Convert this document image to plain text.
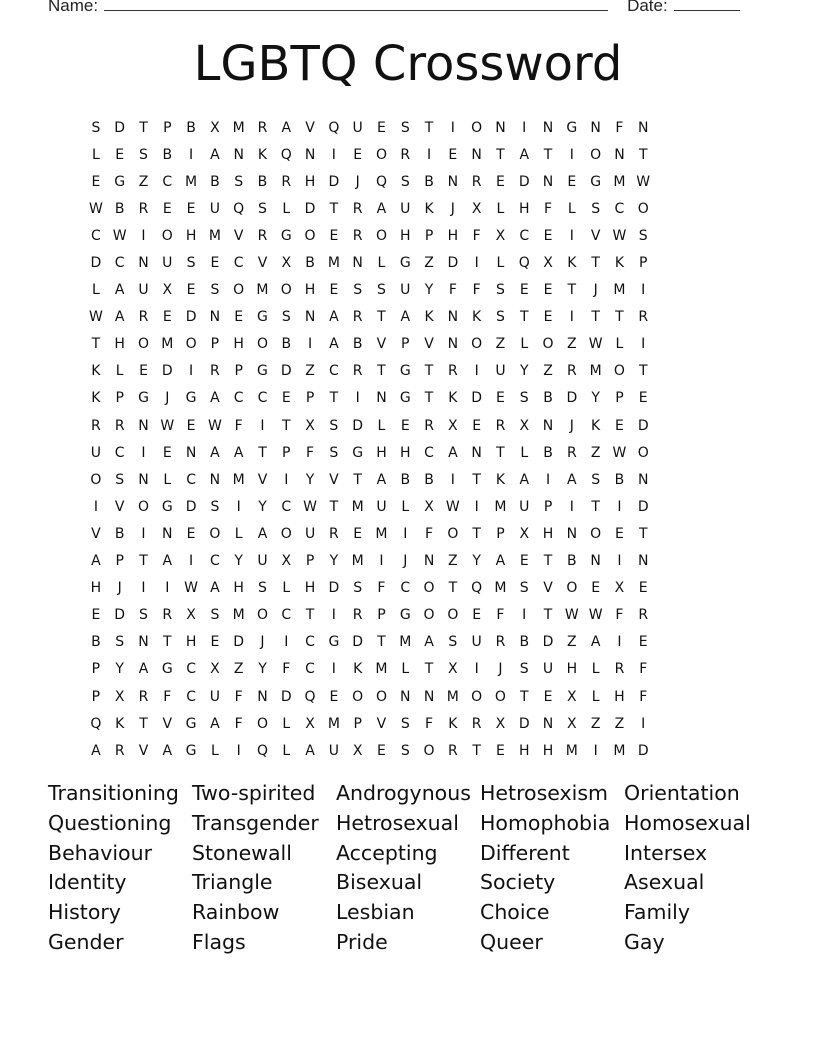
Name:	Date:
LGBTQ Crossword
S D	T	P	B	X M R	A	V Q U	E	S	T	I	O N	I	N G N	F	N
L	E	S	B	I	A N K Q N	I	E O R	I	E	N	T	A	T	I	O N	T
E G Z	C M B	S	B	R H D	J	Q S	B N R	E D N	E G M W
W B	R	E	E	U Q S	L	D	T	R	A U	K	J	X	L	H	F	L	S	C O
C W	I	O H M V	R G O E	R O H	P	H	F	X	C	E	I	V W S
D C N U	S	E	C	V	X	B M N	L	G Z D	I	L	Q X	K	T	K	P
L	A U X	E	S O M O H	E	S	S	U	Y	F	F	S	E	E	T	J	M	I
W A	R	E D N	E G S	N A	R	T	A	K N K	S	T	E	I	T	T	R
T	H O M O	P	H O B	I	A	B	V	P	V N O Z	L	O Z W L	I
K	L	E D	I	R	P	G D Z	C	R	T	G	T	R	I	U	Y	Z	R M O	T
K	P	G	J	G A	C	C	E	P	T	I	N G	T	K D E	S	B D	Y	P	E
R	R N W E W F	I	T	X	S D	L	E	R	X	E	R	X N	J	K	E D
U C	I	E	N A	A	T	P	F	S G H H C	A N	T	L	B	R	Z W O
O S	N	L	C N M V	I	Y	V	T	A	B	B	I	T	K	A	I	A	S	B N
I	V O G D S	I	Y	C W T M U	L	X W	I	M U	P	I	T	I	D
V	B	I	N	E O	L	A O U R	E M	I	F	O	T	P	X H N O E	T
A	P	T	A	I	C	Y	U X	P	Y M	I	J	N Z	Y	A	E	T	B N	I	N
H	J	I	I	W A H	S	L	H D S	F	C O	T	Q M S	V O E	X	E
E D S	R	X	S M O C	T	I	R	P	G O O E	F	I	T W W F	R
B	S	N	T	H	E D	J	I	C G D	T M A	S	U R	B D Z	A	I	E
P	Y	A G C	X	Z	Y	F	C	I	K M L	T	X	I	J	S	U H	L	R	F
P	X	R	F	C U	F	N D Q E O O N N M O O	T	E	X	L	H	F
Q K	T	V G A	F	O	L	X M P	V	S	F	K	R	X D N X	Z	Z	I
A	R	V	A G	L	I	Q	L	A U X	E	S O R	T	E	H H M	I	M D
Transitioning Two-spirited	Androgynous Hetrosexism Orientation
Questioning	Transgender Hetrosexual	Homophobia Homosexual
Behaviour	Stonewall	Accepting	Different	Intersex
Identity	Triangle	Bisexual	Society	Asexual
History	Rainbow	Lesbian	Choice	Family
Gender	Flags	Pride	Queer	Gay
